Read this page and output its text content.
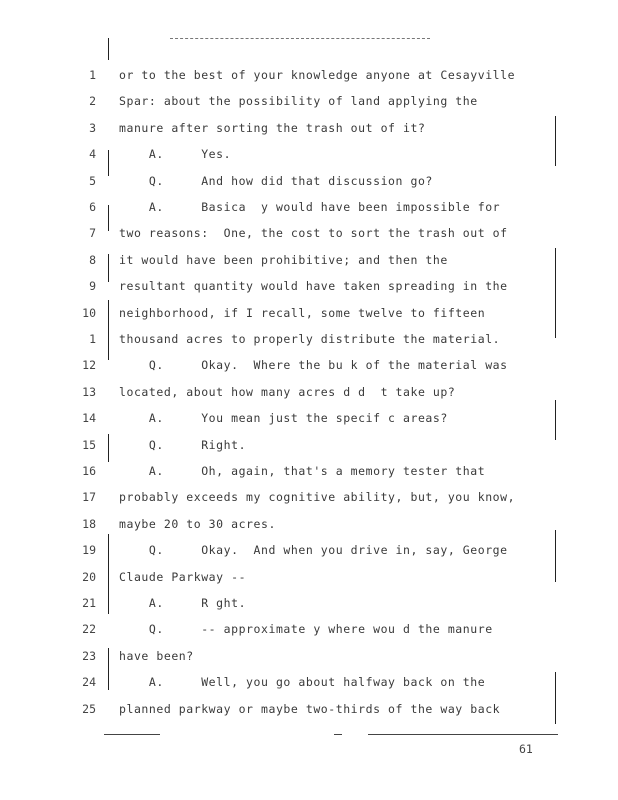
1 or to the best of your knowledge anyone at Cesayville
2 Spar: about the possibility of land applying the
3 manure after sorting the trash out of it?
4 A.     Yes.
5 Q.     And how did that discussion go?
6 A.     Basica  y would have been impossible for
7 two reasons:  One, the cost to sort the trash out of
8 it would have been prohibitive; and then the
9 resultant quantity would have taken spreading in the
10 neighborhood, if I recall, some twelve to fifteen
1 thousand acres to properly distribute the material.
12 Q.     Okay.  Where the bu k of the material was
13 located, about how many acres d d  t take up?
14 A.     You mean just the specif c areas?
15 Q.     Right.
16 A.     Oh, again, that's a memory tester that
17 probably exceeds my cognitive ability, but, you know,
18 maybe 20 to 30 acres.
19 Q.     Okay.  And when you drive in, say, George
20 Claude Parkway --
21 A.     R ght.
22 Q.     -- approximate y where wou d the manure
23 have been?
24 A.     Well, you go about halfway back on the
25 planned parkway or maybe two-thirds of the way back
61
